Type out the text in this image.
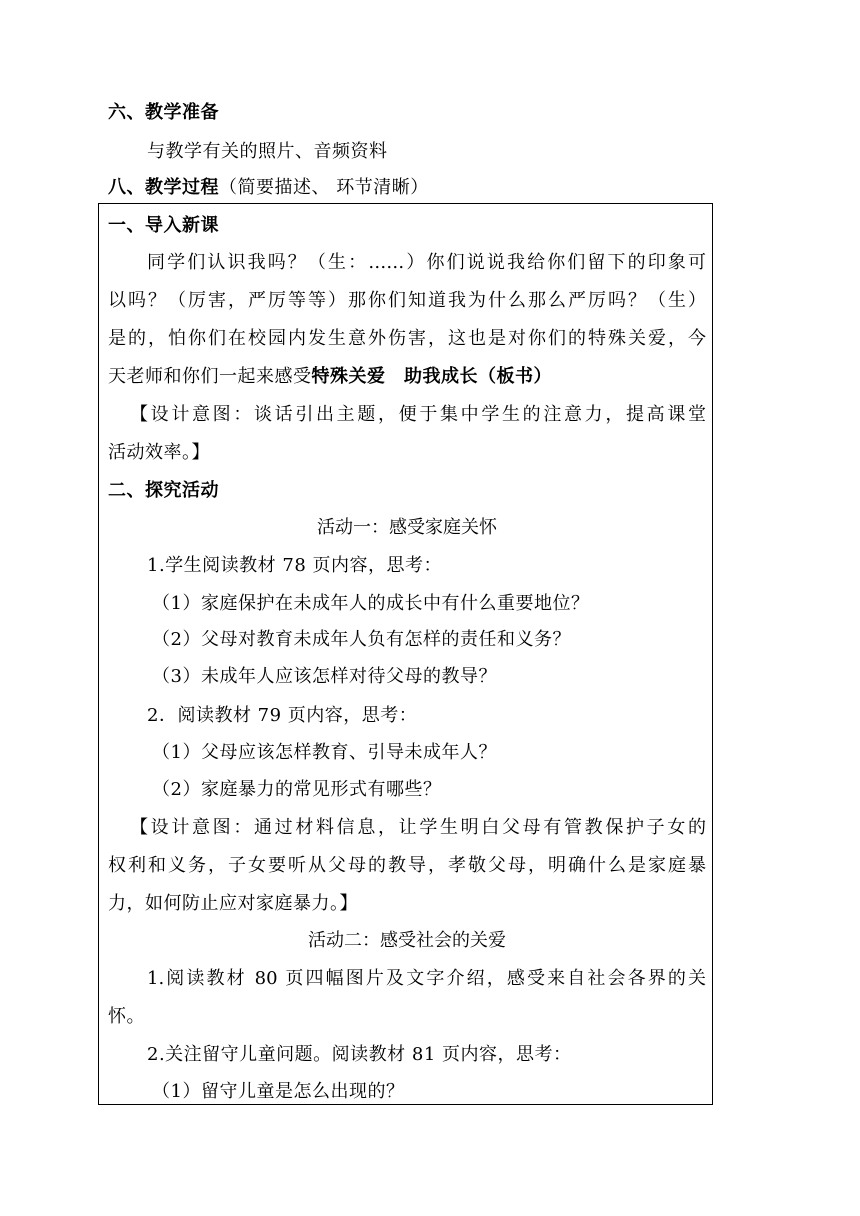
六、教学准备
与教学有关的照片、音频资料
八、教学过程（简要描述、 环节清晰）
一、导入新课
同学们认识我吗？（生：……）你们说说我给你们留下的印象可
以吗？（厉害，严厉等等）那你们知道我为什么那么严厉吗？（生）
是的，怕你们在校园内发生意外伤害，这也是对你们的特殊关爱，今
天老师和你们一起来感受特殊关爱　助我成长（板书）
【设计意图：谈话引出主题，便于集中学生的注意力，提高课堂
活动效率。】
二、探究活动
活动一：感受家庭关怀
1.学生阅读教材 78 页内容，思考：
（1）家庭保护在未成年人的成长中有什么重要地位？
（2）父母对教育未成年人负有怎样的责任和义务？
（3）未成年人应该怎样对待父母的教导？
2．阅读教材 79 页内容，思考：
（1）父母应该怎样教育、引导未成年人？
（2）家庭暴力的常见形式有哪些？
【设计意图：通过材料信息，让学生明白父母有管教保护子女的
权利和义务，子女要听从父母的教导，孝敬父母，明确什么是家庭暴
力，如何防止应对家庭暴力。】
活动二：感受社会的关爱
1.阅读教材 80 页四幅图片及文字介绍，感受来自社会各界的关
怀。
2.关注留守儿童问题。阅读教材 81 页内容，思考：
（1）留守儿童是怎么出现的？
